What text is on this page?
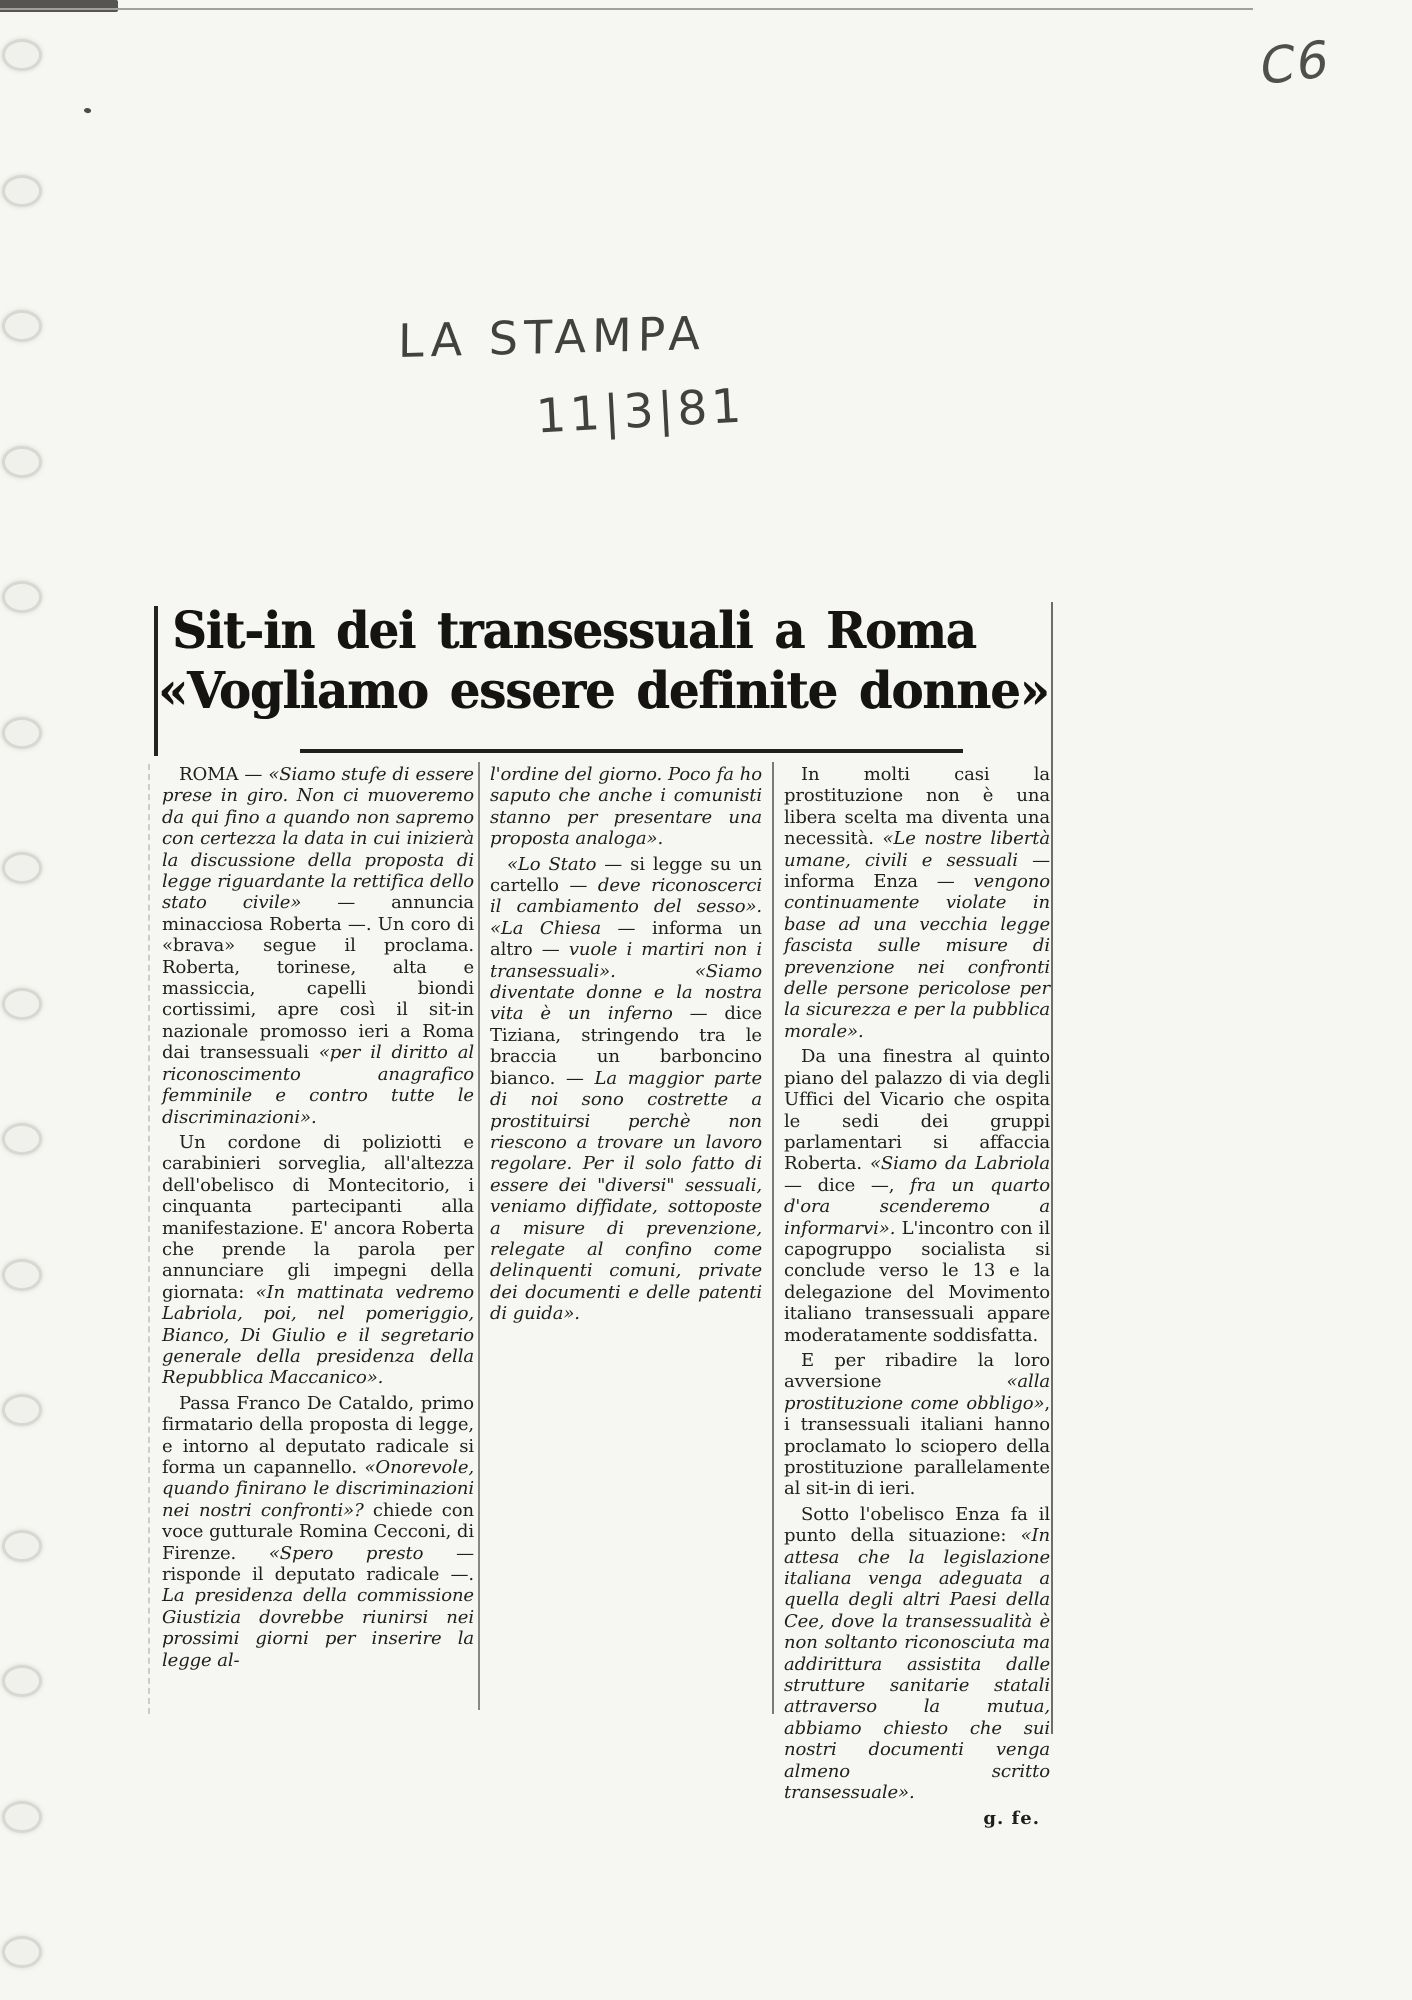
C6
LA STAMPA
11|3|81
Sit-in dei transessuali a Roma
«Vogliamo essere definite donne»

ROMA — «Siamo stufe di essere prese in giro. Non ci muoveremo da qui fino a quando non sapremo con certezza la data in cui inizierà la discussione della proposta di legge riguardante la rettifica dello stato civile» — annuncia minacciosa Roberta —. Un coro di «brava» segue il proclama. Roberta, torinese, alta e massiccia, capelli biondi cortissimi, apre così il sit-in nazionale promosso ieri a Roma dai transessuali «per il diritto al riconoscimento anagrafico femminile e contro tutte le discriminazioni».

Un cordone di poliziotti e carabinieri sorveglia, all'altezza dell'obelisco di Montecitorio, i cinquanta partecipanti alla manifestazione. E' ancora Roberta che prende la parola per annunciare gli impegni della giornata: «In mattinata vedremo Labriola, poi, nel pomeriggio, Bianco, Di Giulio e il segretario generale della presidenza della Repubblica Maccanico».

Passa Franco De Cataldo, primo firmatario della proposta di legge, e intorno al deputato radicale si forma un capannello. «Onorevole, quando finirano le discriminazioni nei nostri confronti»? chiede con voce gutturale Romina Cecconi, di Firenze. «Spero presto — risponde il deputato radicale —. La presidenza della commissione Giustizia dovrebbe riunirsi nei prossimi giorni per inserire la legge al-

l'ordine del giorno. Poco fa ho saputo che anche i comunisti stanno per presentare una proposta analoga».

«Lo Stato — si legge su un cartello — deve riconoscerci il cambiamento del sesso». «La Chiesa — informa un altro — vuole i martiri non i transessuali». «Siamo diventate donne e la nostra vita è un inferno — dice Tiziana, stringendo tra le braccia un barboncino bianco. — La maggior parte di noi sono costrette a prostituirsi perchè non riescono a trovare un lavoro regolare. Per il solo fatto di essere dei "diversi" sessuali, veniamo diffidate, sottoposte a misure di prevenzione, relegate al confino come delinquenti comuni, private dei documenti e delle patenti di guida».

In molti casi la prostituzione non è una libera scelta ma diventa una necessità. «Le nostre libertà umane, civili e sessuali — informa Enza — vengono continuamente violate in base ad una vecchia legge fascista sulle misure di prevenzione nei confronti delle persone pericolose per la sicurezza e per la pubblica morale».

Da una finestra al quinto piano del palazzo di via degli Uffici del Vicario che ospita le sedi dei gruppi parlamentari si affaccia Roberta. «Siamo da Labriola — dice —, fra un quarto d'ora scenderemo a informarvi». L'incontro con il capogruppo socialista si conclude verso le 13 e la delegazione del Movimento italiano transessuali appare moderatamente soddisfatta.

E per ribadire la loro avversione «alla prostituzione come obbligo», i transessuali italiani hanno proclamato lo sciopero della prostituzione parallelamente al sit-in di ieri.

Sotto l'obelisco Enza fa il punto della situazione: «In attesa che la legislazione italiana venga adeguata a quella degli altri Paesi della Cee, dove la transessualità è non soltanto riconosciuta ma addirittura assistita dalle strutture sanitarie statali attraverso la mutua, abbiamo chiesto che sui nostri documenti venga almeno scritto transessuale».

g. fe.
